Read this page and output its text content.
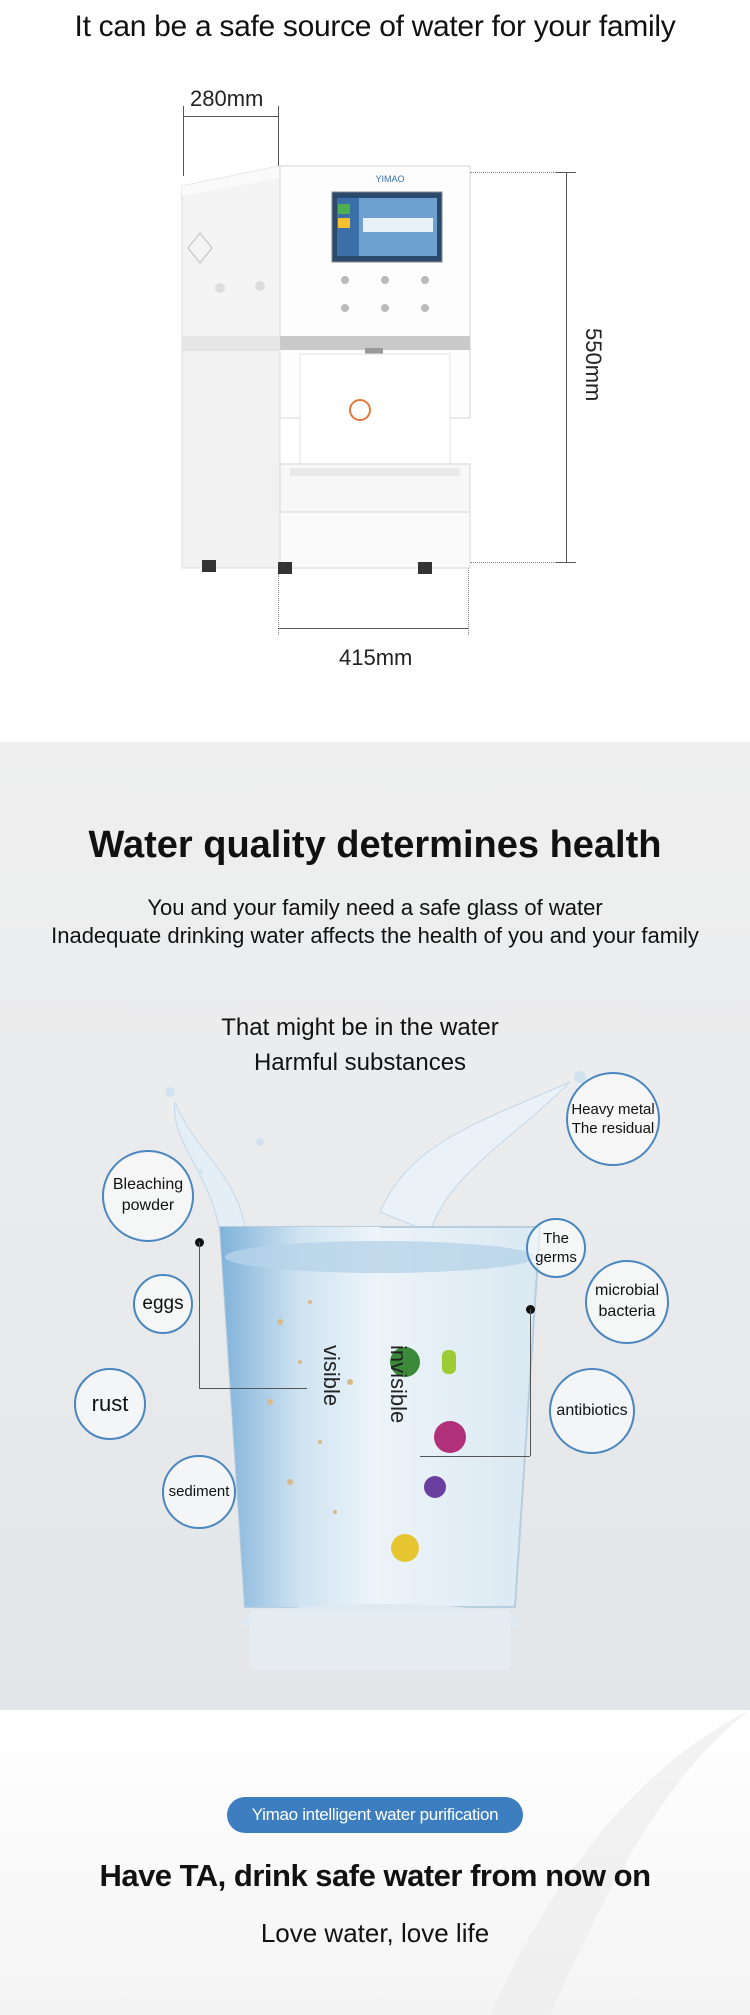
It can be a safe source of water for your family
280mm
550mm
415mm
YIMAO
Water quality determines health
You and your family need a safe glass of water
Inadequate drinking water affects the health of you and your family
That might be in the water
Harmful substances
visible invisible
Bleaching powder
eggs
rust
sediment
Heavy metal
The residual
The
germs
microbial
bacteria
antibiotics
Yimao intelligent water purification
Have TA, drink safe water from now on
Love water, love life
